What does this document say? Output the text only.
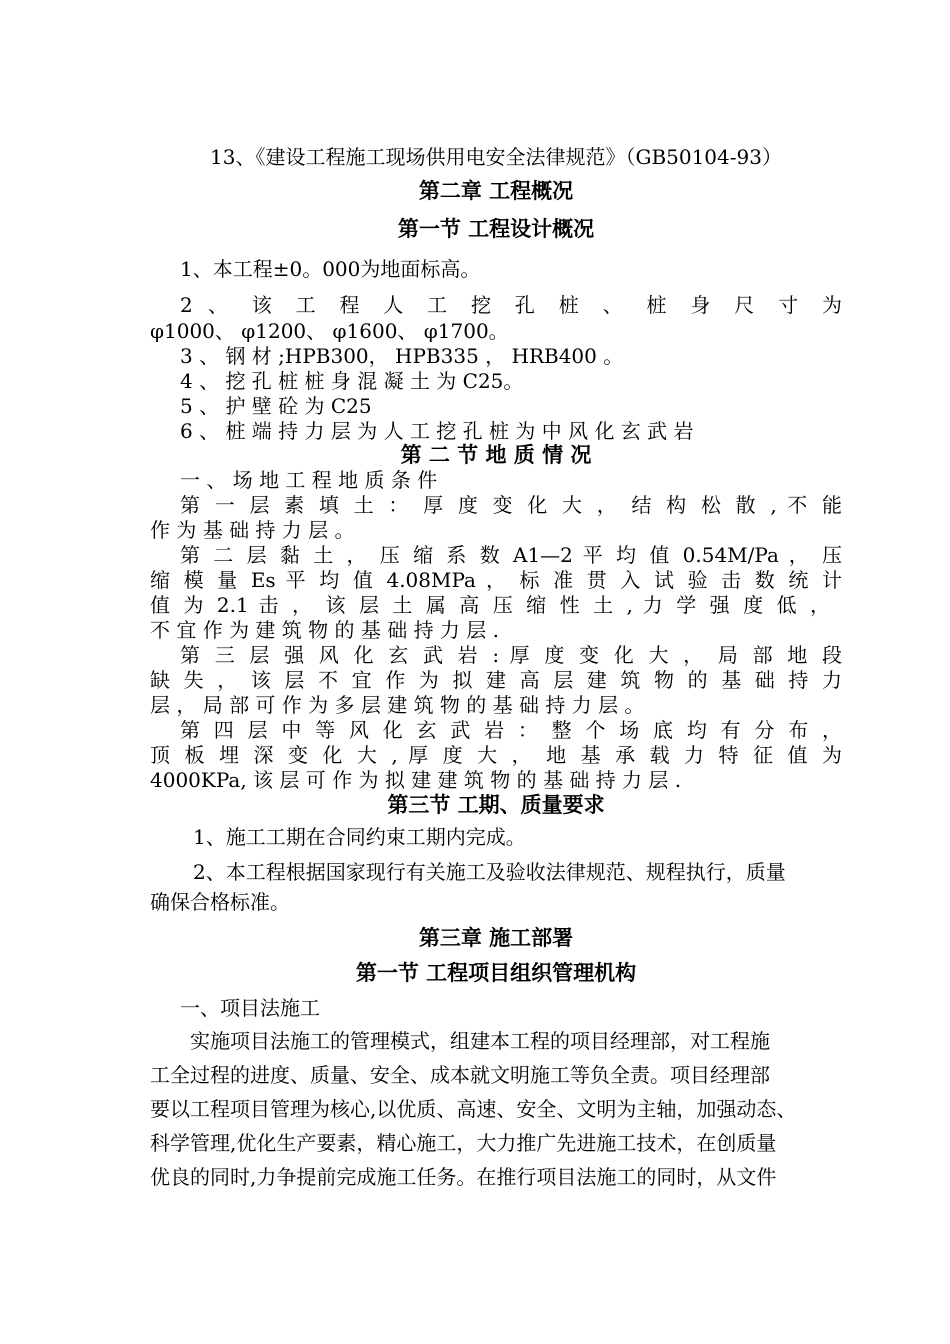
13、《建设工程施工现场供用电安全法律规范》（GB50104-93）
第二章 工程概况
第一节 工程设计概况
1、本工程±0。000为地面标高。
2 、 该 工 程 人 工 挖 孔 桩 、 桩 身 尺 寸 为
φ1000、 φ1200、 φ1600、 φ1700。
3 、 钢 材 ;HPB300， HPB335 ， HRB400 。
4 、 挖 孔 桩 桩 身 混 凝 土 为 C25。
5 、 护 壁 砼 为 C25
6 、 桩 端 持 力 层 为 人 工 挖 孔 桩 为 中 风 化 玄 武 岩
第 二 节 地 质 情 况
一 、 场 地 工 程 地 质 条 件
第 一 层 素 填 土 ： 厚 度 变 化 大 ， 结 构 松 散 , 不 能
作 为 基 础 持 力 层 。
第 二 层 黏 土 ， 压 缩 系 数 A1—2 平 均 值 0.54M/Pa ， 压
缩 模 量 Es 平 均 值 4.08MPa ， 标 准 贯 入 试 验 击 数 统 计
值 为 2.1 击 ， 该 层 土 属 高 压 缩 性 土 , 力 学 强 度 低 ，
不 宜 作 为 建 筑 物 的 基 础 持 力 层 .
第 三 层 强 风 化 玄 武 岩 : 厚 度 变 化 大 ， 局 部 地 段
缺 失 ， 该 层 不 宜 作 为 拟 建 高 层 建 筑 物 的 基 础 持 力
层 ， 局 部 可 作 为 多 层 建 筑 物 的 基 础 持 力 层 。
第 四 层 中 等 风 化 玄 武 岩 ： 整 个 场 底 均 有 分 布 ，
顶 板 埋 深 变 化 大 , 厚 度 大 ， 地 基 承 载 力 特 征 值 为
4000KPa, 该 层 可 作 为 拟 建 建 筑 物 的 基 础 持 力 层 .
第三节 工期、质量要求
1、施工工期在合同约束工期内完成。
2、本工程根据国家现行有关施工及验收法律规范、规程执行，质量
确保合格标准。
第三章 施工部署
第一节 工程项目组织管理机构
一、项目法施工
实施项目法施工的管理模式，组建本工程的项目经理部，对工程施
工全过程的进度、质量、安全、成本就文明施工等负全责。项目经理部
要以工程项目管理为核心,以优质、高速、安全、文明为主轴，加强动态、
科学管理,优化生产要素，精心施工，大力推广先进施工技术，在创质量
优良的同时,力争提前完成施工任务。在推行项目法施工的同时，从文件
